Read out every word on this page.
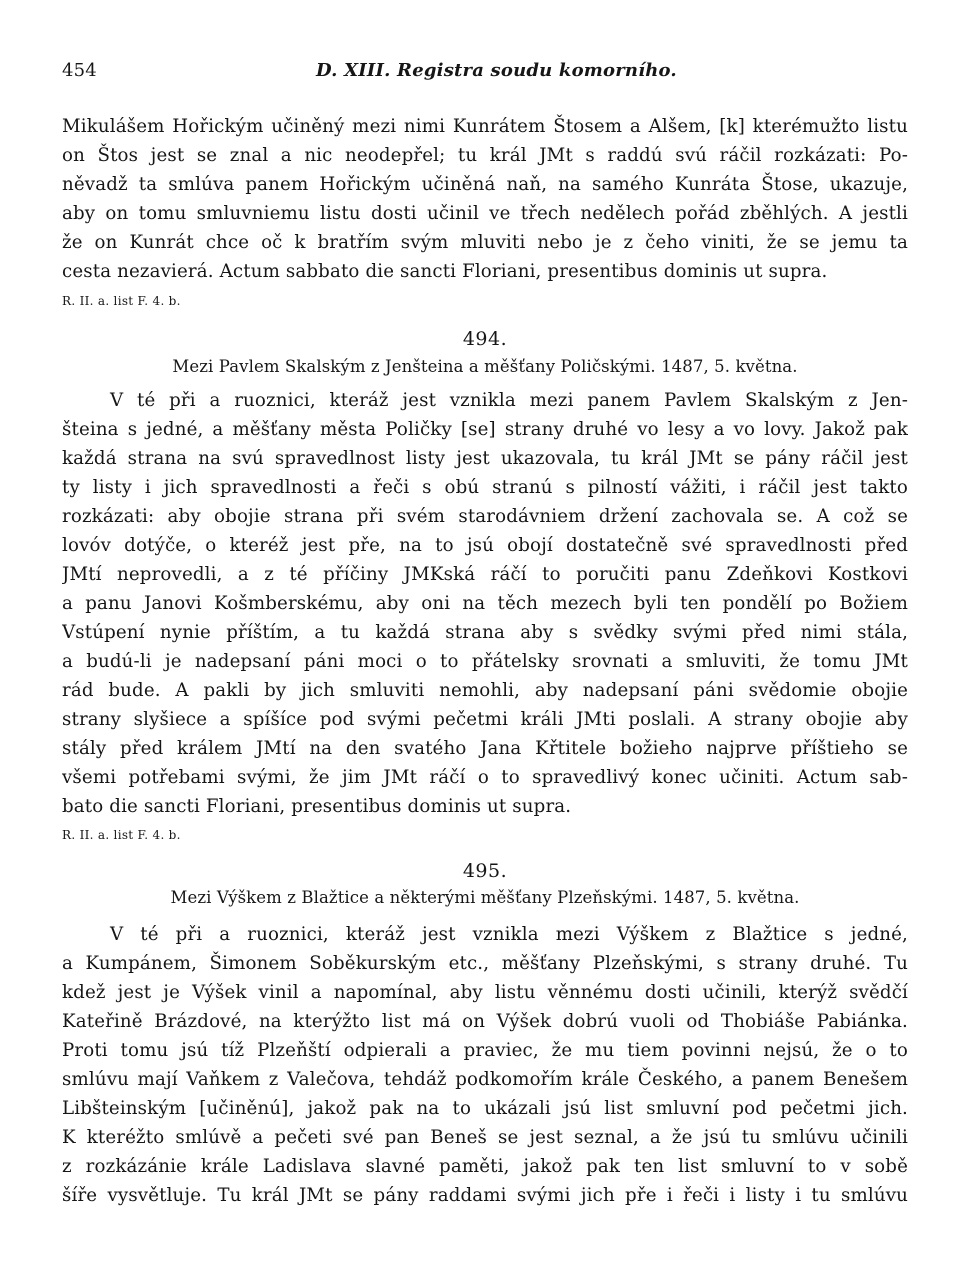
454	D. XIII. Registra soudu komorního.
Mikulášem Hořickým učiněný mezi nimi Kunrátem Štosem a Alšem, [k] kterémužto listu
on Štos jest se znal a nic neodepřel; tu král JMt s raddú svú ráčil rozkázati: Po-
něvadž ta smlúva panem Hořickým učiněná naň, na samého Kunráta Štose, ukazuje,
aby on tomu smluvniemu listu dosti učinil ve třech nedělech pořád zběhlých. A jestli
že on Kunrát chce oč k bratřím svým mluviti nebo je z čeho viniti, že se jemu ta
cesta nezavierá. Actum sabbato die sancti Floriani, presentibus dominis ut supra.
R. II. a. list F. 4. b.
494.
Mezi Pavlem Skalským z Jenšteina a měšťany Poličskými. 1487, 5. května.
V té při a ruoznici, kteráž jest vznikla mezi panem Pavlem Skalským z Jen-
šteina s jedné, a měšťany města Poličky [se] strany druhé vo lesy a vo lovy. Jakož pak
každá strana na svú spravedlnost listy jest ukazovala, tu král JMt se pány ráčil jest
ty listy i jich spravedlnosti a řeči s obú stranú s pilností vážiti, i ráčil jest takto
rozkázati: aby obojie strana při svém starodávniem držení zachovala se. A což se
lovóv dotýče, o kteréž jest pře, na to jsú obojí dostatečně své spravedlnosti před
JMtí neprovedli, a z té příčiny JMKská ráčí to poručiti panu Zdeňkovi Kostkovi
a panu Janovi Košmberskému, aby oni na těch mezech byli ten pondělí po Božiem
Vstúpení nynie příštím, a tu každá strana aby s svědky svými před nimi stála,
a budú-li je nadepsaní páni moci o to přátelsky srovnati a smluviti, že tomu JMt
rád bude. A pakli by jich smluviti nemohli, aby nadepsaní páni svědomie obojie
strany slyšiece a spíšíce pod svými pečetmi králi JMti poslali. A strany obojie aby
stály před králem JMtí na den svatého Jana Křtitele božieho najprve příštieho se
všemi potřebami svými, že jim JMt ráčí o to spravedlivý konec učiniti. Actum sab-
bato die sancti Floriani, presentibus dominis ut supra.
R. II. a. list F. 4. b.
495.
Mezi Výškem z Blažtice a některými měšťany Plzeňskými. 1487, 5. května.
V té při a ruoznici, kteráž jest vznikla mezi Výškem z Blažtice s jedné,
a Kumpánem, Šimonem Soběkurským etc., měšťany Plzeňskými, s strany druhé. Tu
kdež jest je Výšek vinil a napomínal, aby listu věnnému dosti učinili, kterýž svědčí
Kateřině Brázdové, na kterýžto list má on Výšek dobrú vuoli od Thobiáše Pabiánka.
Proti tomu jsú tíž Plzeňští odpierali a praviec, že mu tiem povinni nejsú, že o to
smlúvu mají Vaňkem z Valečova, tehdáž podkomořím krále Českého, a panem Benešem
Libšteinským [učiněnú], jakož pak na to ukázali jsú list smluvní pod pečetmi jich.
K kteréžto smlúvě a pečeti své pan Beneš se jest seznal, a že jsú tu smlúvu učinili
z rozkázánie krále Ladislava slavné paměti, jakož pak ten list smluvní to v sobě
šíře vysvětluje. Tu král JMt se pány raddami svými jich pře i řeči i listy i tu smlúvu
